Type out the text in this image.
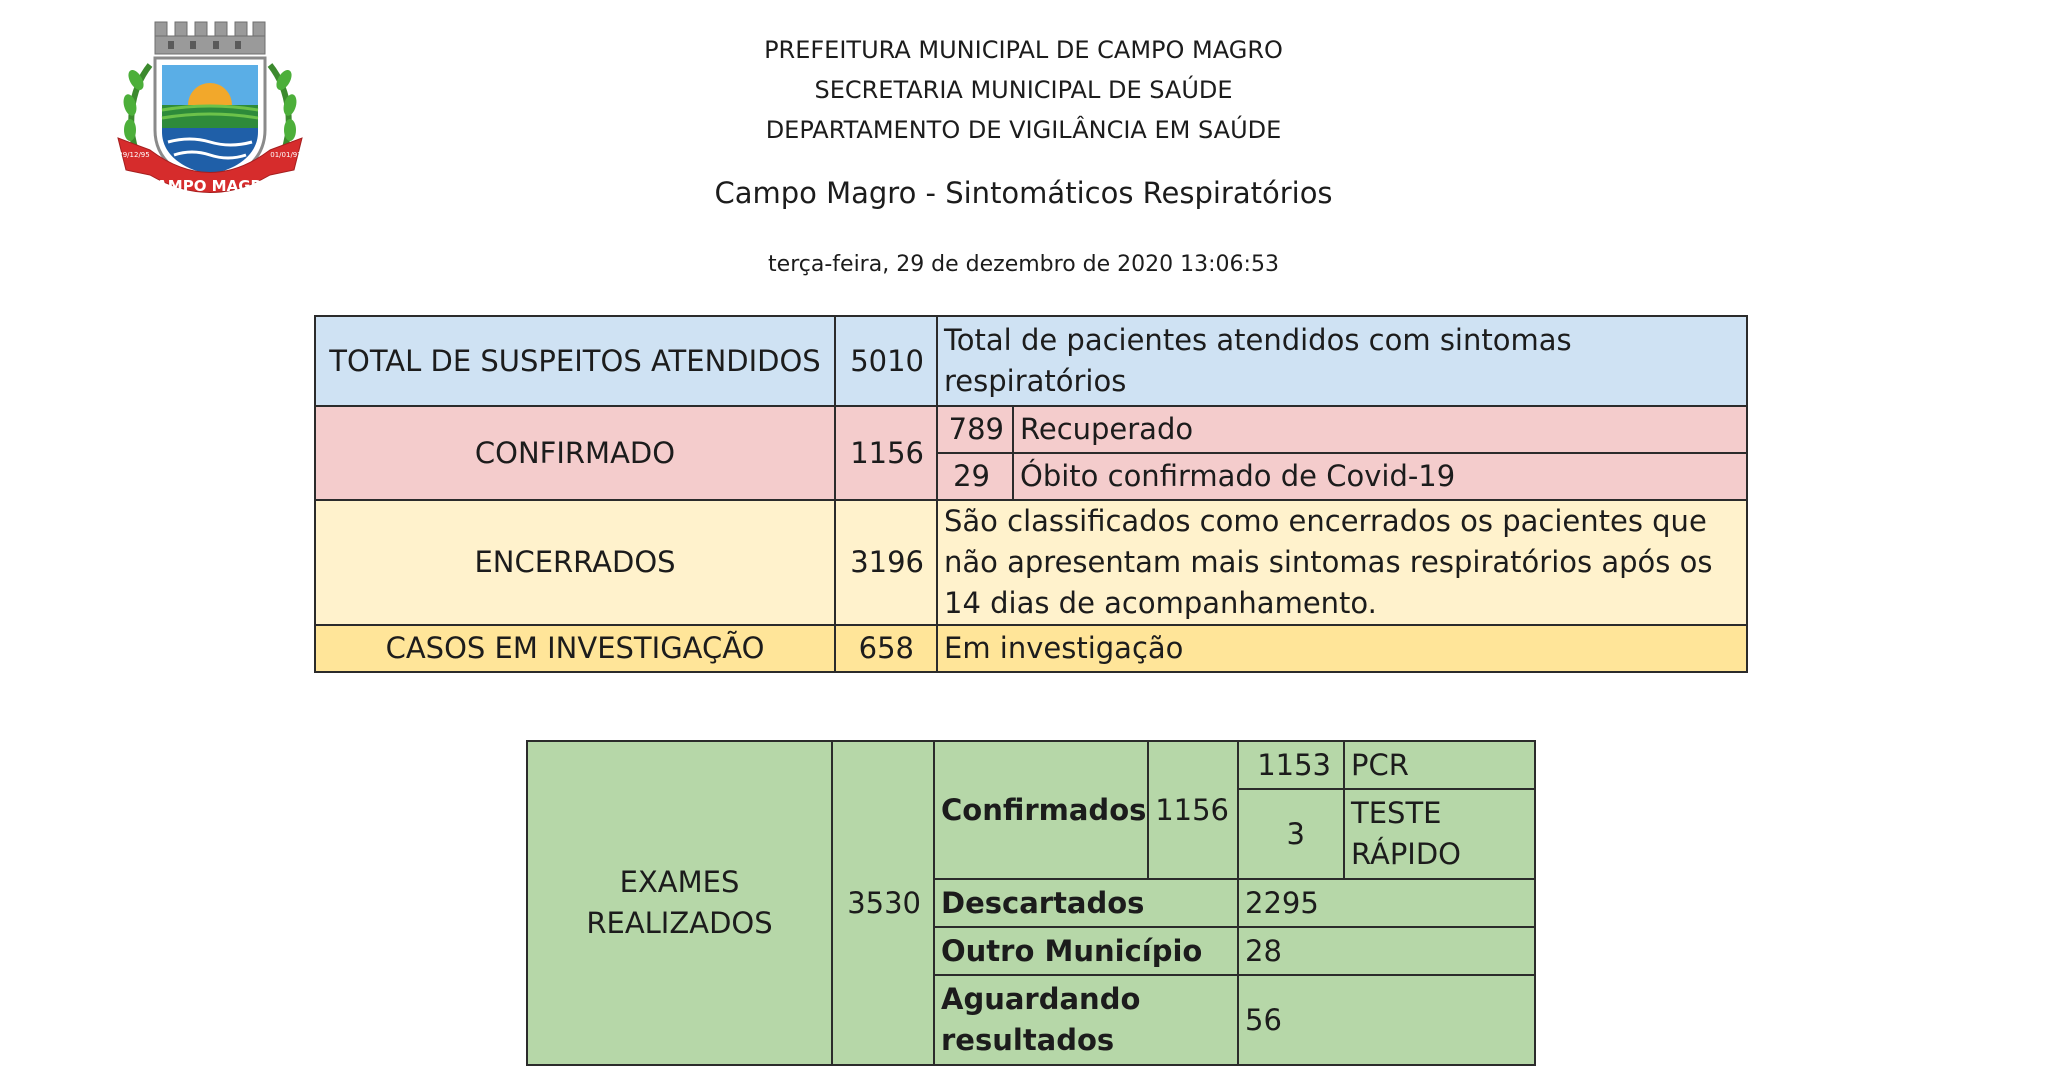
CAMPO MAGRO
29/12/95	01/01/97
PREFEITURA MUNICIPAL DE CAMPO MAGRO
SECRETARIA MUNICIPAL DE SAÚDE
DEPARTAMENTO DE VIGILÂNCIA EM SAÚDE
Campo Magro - Sintomáticos Respiratórios
terça-feira, 29 de dezembro de 2020 13:06:53
TOTAL DE SUSPEITOS ATENDIDOS	5010	Total de pacientes atendidos com sintomas respiratórios	
CONFIRMADO	1156	789	Recuperado
		29	Óbito confirmado de Covid-19
ENCERRADOS	3196	São classificados como encerrados os pacientes que não apresentam mais sintomas respiratórios após os 14 dias de acompanhamento.	
CASOS EM INVESTIGAÇÃO	658	Em investigação	
EXAMES REALIZADOS	3530	Confirmados	1156	1153	PCR
				3	TESTE RÁPIDO
		Descartados		2295	
		Outro Município		28	
		Aguardando resultados		56	
